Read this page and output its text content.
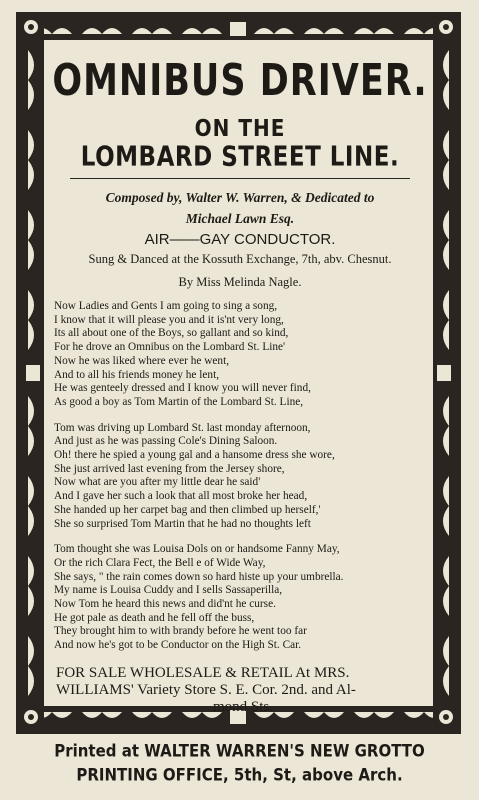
OMNIBUS DRIVER.
ON THE
LOMBARD STREET LINE.
Composed by, Walter W. Warren, & Dedicated to
Michael Lawn Esq.
AIR——GAY CONDUCTOR.
Sung & Danced at the Kossuth Exchange, 7th, abv. Chesnut.
By Miss Melinda Nagle.
Now Ladies and Gents I am going to sing a song,
I know that it will please you and it is'nt very long,
Its all about one of the Boys, so gallant and so kind,
For he drove an Omnibus on the Lombard St. Line'
Now he was liked where ever he went,
And to all his friends money he lent,
He was genteely dressed and I know you will never find,
As good a boy as Tom Martin of the Lombard St. Line,
Tom was driving up Lombard St. last monday afternoon,
And just as he was passing Cole's Dining Saloon.
Oh! there he spied a young gal and a hansome dress she wore,
She just arrived last evening from the Jersey shore,
Now what are you after my little dear he said'
And I gave her such a look that all most broke her head,
She handed up her carpet bag and then climbed up herself,'
She so surprised Tom Martin that he had no thoughts left
Tom thought she was Louisa Dols on or handsome Fanny May,
Or the rich Clara Fect, the Bell e of Wide Way,
She says, " the rain comes down so hard histe up your umbrella.
My name is Louisa Cuddy and I sells Sassaperilla,
Now Tom he heard this news and did'nt he curse.
He got pale as death and he fell off the buss,
They brought him to with brandy before he went too far
And now he's got to be Conductor on the High St. Car.
FOR SALE WHOLESALE & RETAIL At MRS.
WILLIAMS' Variety Store S. E. Cor. 2nd. and Al-
mond Sts.
Printed at WALTER WARREN'S NEW GROTTO
PRINTING OFFICE, 5th, St, above Arch.
